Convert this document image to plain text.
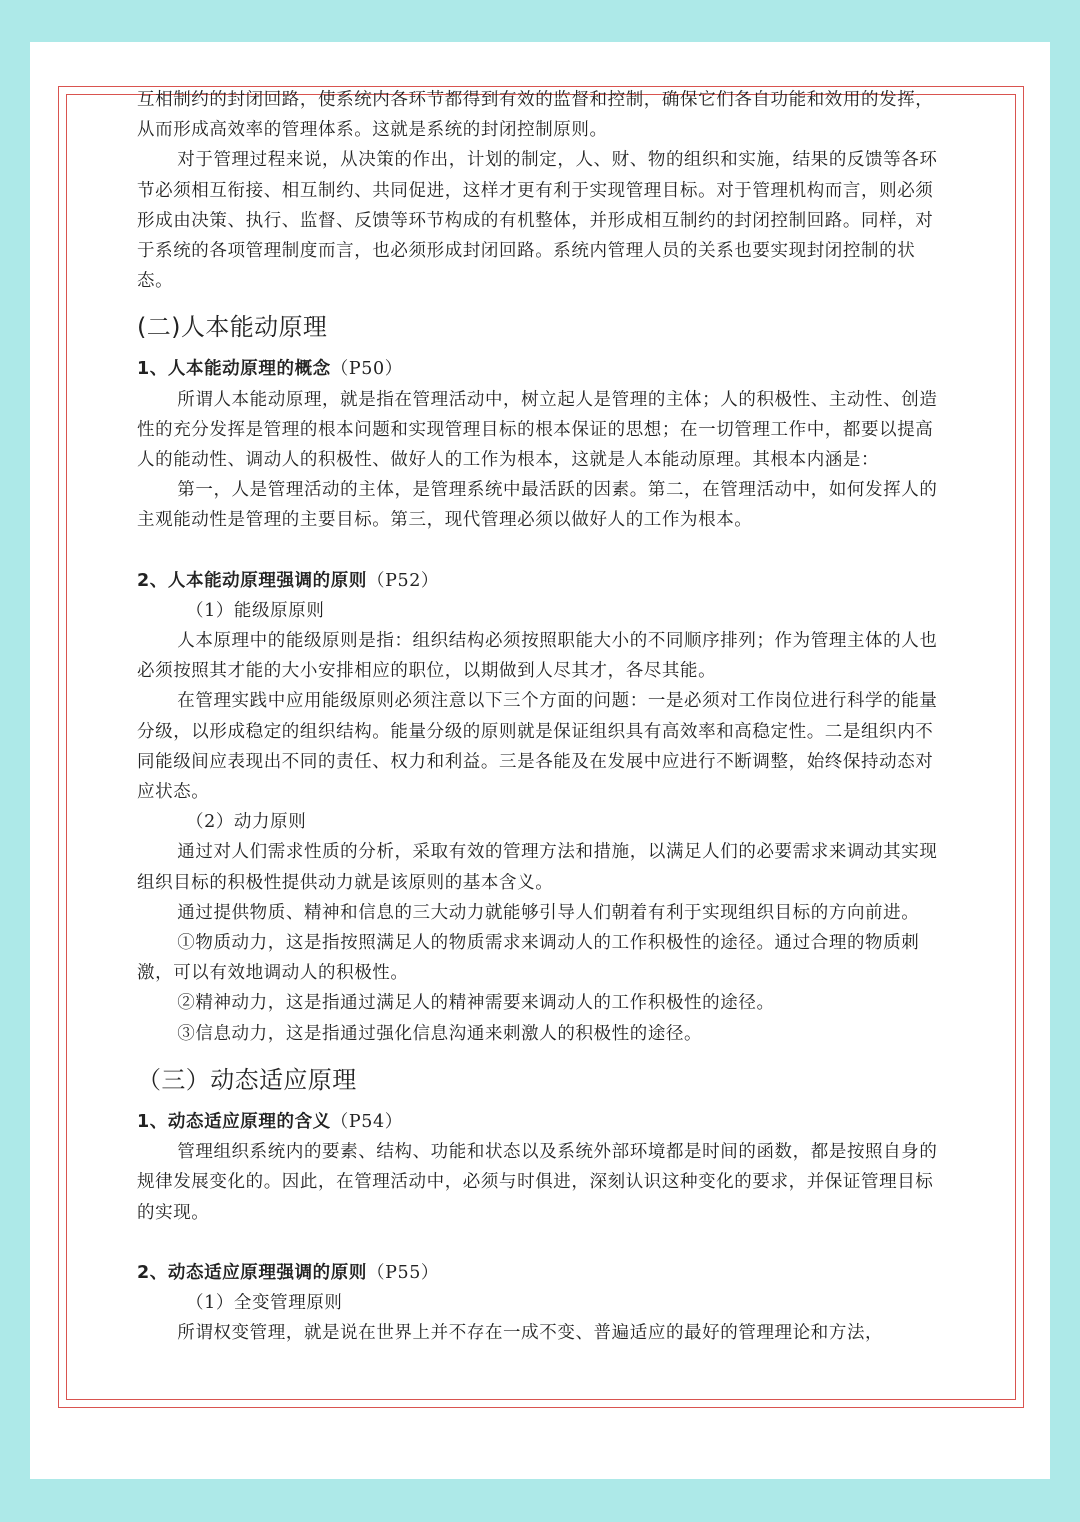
互相制约的封闭回路，使系统内各环节都得到有效的监督和控制，确保它们各自功能和效用的发挥，从而形成高效率的管理体系。这就是系统的封闭控制原则。

对于管理过程来说，从决策的作出，计划的制定，人、财、物的组织和实施，结果的反馈等各环节必须相互衔接、相互制约、共同促进，这样才更有利于实现管理目标。对于管理机构而言，则必须形成由决策、执行、监督、反馈等环节构成的有机整体，并形成相互制约的封闭控制回路。同样，对于系统的各项管理制度而言，也必须形成封闭回路。系统内管理人员的关系也要实现封闭控制的状态。

(二)人本能动原理

1、人本能动原理的概念（P50）

所谓人本能动原理，就是指在管理活动中，树立起人是管理的主体；人的积极性、主动性、创造性的充分发挥是管理的根本问题和实现管理目标的根本保证的思想；在一切管理工作中，都要以提高人的能动性、调动人的积极性、做好人的工作为根本，这就是人本能动原理。其根本内涵是：

第一，人是管理活动的主体，是管理系统中最活跃的因素。第二，在管理活动中，如何发挥人的主观能动性是管理的主要目标。第三，现代管理必须以做好人的工作为根本。

2、人本能动原理强调的原则（P52）

（1）能级原原则

人本原理中的能级原则是指：组织结构必须按照职能大小的不同顺序排列；作为管理主体的人也必须按照其才能的大小安排相应的职位，以期做到人尽其才，各尽其能。

在管理实践中应用能级原则必须注意以下三个方面的问题：一是必须对工作岗位进行科学的能量分级，以形成稳定的组织结构。能量分级的原则就是保证组织具有高效率和高稳定性。二是组织内不同能级间应表现出不同的责任、权力和利益。三是各能及在发展中应进行不断调整，始终保持动态对应状态。

（2）动力原则

通过对人们需求性质的分析，采取有效的管理方法和措施，以满足人们的必要需求来调动其实现组织目标的积极性提供动力就是该原则的基本含义。

通过提供物质、精神和信息的三大动力就能够引导人们朝着有利于实现组织目标的方向前进。

①物质动力，这是指按照满足人的物质需求来调动人的工作积极性的途径。通过合理的物质刺激，可以有效地调动人的积极性。

②精神动力，这是指通过满足人的精神需要来调动人的工作积极性的途径。

③信息动力，这是指通过强化信息沟通来刺激人的积极性的途径。

（三）动态适应原理

1、动态适应原理的含义（P54）

管理组织系统内的要素、结构、功能和状态以及系统外部环境都是时间的函数，都是按照自身的规律发展变化的。因此，在管理活动中，必须与时俱进，深刻认识这种变化的要求，并保证管理目标的实现。

2、动态适应原理强调的原则（P55）

（1）全变管理原则

所谓权变管理，就是说在世界上并不存在一成不变、普遍适应的最好的管理理论和方法，
